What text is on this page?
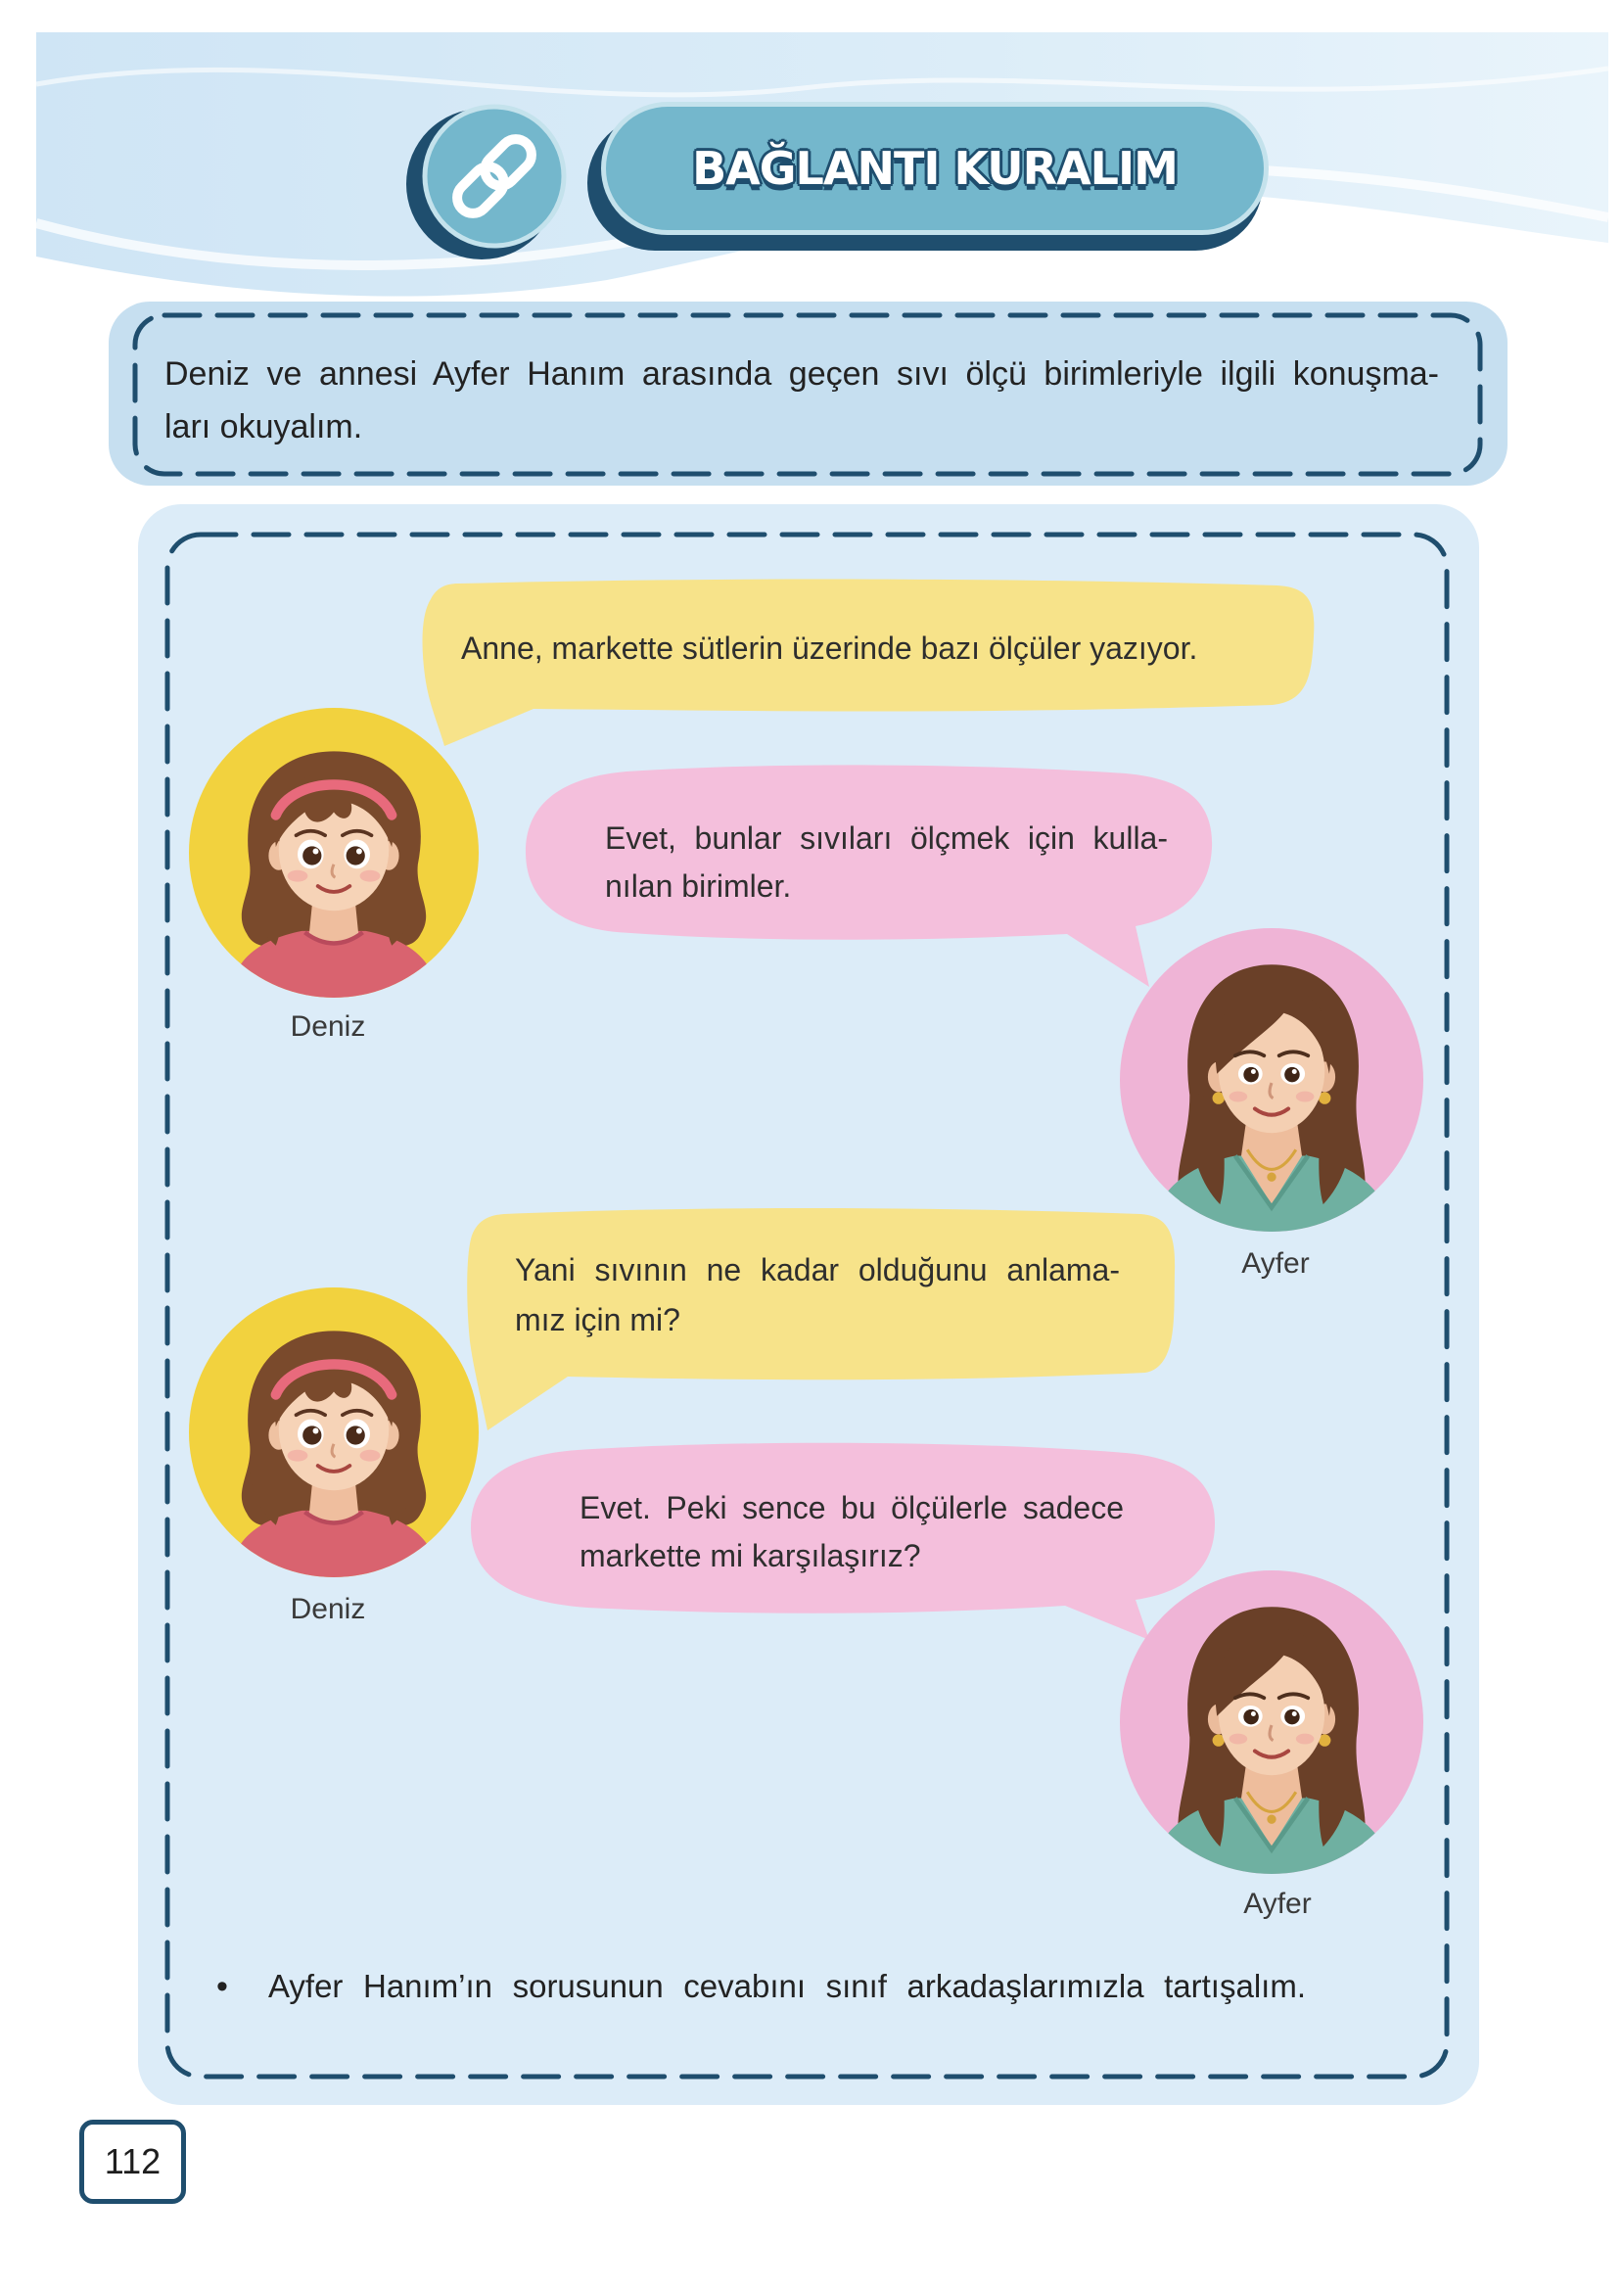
BAĞLANTI KURALIM
Deniz ve annesi Ayfer Hanım arasında geçen sıvı ölçü birimleriyle ilgili konuşma-
ları okuyalım.
Deniz
Ayfer
Deniz
Ayfer
Anne, markette sütlerin üzerinde bazı ölçüler yazıyor.
Evet, bunlar sıvıları ölçmek için kulla-
nılan birimler.
Yani sıvının ne kadar olduğunu anlama-
mız için mi?
Evet. Peki sence bu ölçülerle sadece
markette mi karşılaşırız?
• Ayfer Hanım’ın sorusunun cevabını sınıf arkadaşlarımızla tartışalım.
112
